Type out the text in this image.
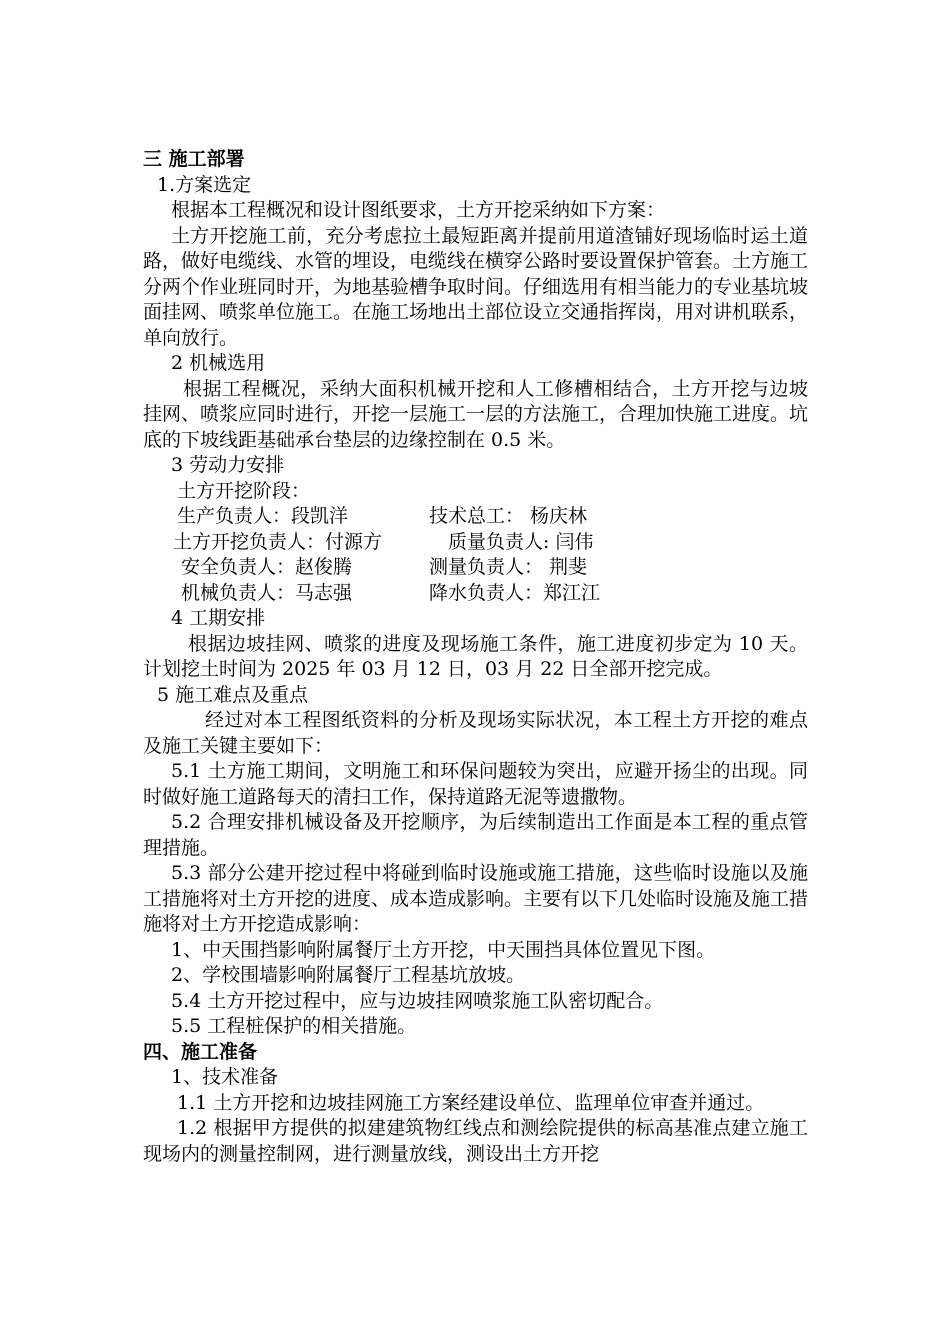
三 施工部署

1.方案选定

根据本工程概况和设计图纸要求，土方开挖采纳如下方案：

土方开挖施工前，充分考虑拉土最短距离并提前用道渣铺好现场临时运土道路，做好电缆线、水管的埋设，电缆线在横穿公路时要设置保护管套。土方施工分两个作业班同时开，为地基验槽争取时间。仔细选用有相当能力的专业基坑坡面挂网、喷浆单位施工。在施工场地出土部位设立交通指挥岗，用对讲机联系，单向放行。

2 机械选用

根据工程概况，采纳大面积机械开挖和人工修槽相结合，土方开挖与边坡挂网、喷浆应同时进行，开挖一层施工一层的方法施工，合理加快施工进度。坑底的下坡线距基础承台垫层的边缘控制在 0.5 米。

3 劳动力安排

土方开挖阶段：

生产负责人：段凯洋	技术总工： 杨庆林
土方开挖负责人：付源方	质量负责人: 闫伟
安全负责人：赵俊腾	测量负责人： 荆斐
机械负责人：马志强	降水负责人：郑江江

4 工期安排

根据边坡挂网、喷浆的进度及现场施工条件，施工进度初步定为 10 天。计划挖土时间为 2025 年 03 月 12 日，03 月 22 日全部开挖完成。

5 施工难点及重点

经过对本工程图纸资料的分析及现场实际状况，本工程土方开挖的难点及施工关键主要如下：

5.1 土方施工期间，文明施工和环保问题较为突出，应避开扬尘的出现。同时做好施工道路每天的清扫工作，保持道路无泥等遗撒物。

5.2 合理安排机械设备及开挖顺序，为后续制造出工作面是本工程的重点管理措施。

5.3 部分公建开挖过程中将碰到临时设施或施工措施，这些临时设施以及施工措施将对土方开挖的进度、成本造成影响。主要有以下几处临时设施及施工措施将对土方开挖造成影响：

1、中天围挡影响附属餐厅土方开挖，中天围挡具体位置见下图。

2、学校围墙影响附属餐厅工程基坑放坡。

5.4 土方开挖过程中，应与边坡挂网喷浆施工队密切配合。

5.5 工程桩保护的相关措施。

四、施工准备

1、技术准备

1.1 土方开挖和边坡挂网施工方案经建设单位、监理单位审查并通过。

1.2 根据甲方提供的拟建建筑物红线点和测绘院提供的标高基准点建立施工现场内的测量控制网，进行测量放线，测设出土方开挖
